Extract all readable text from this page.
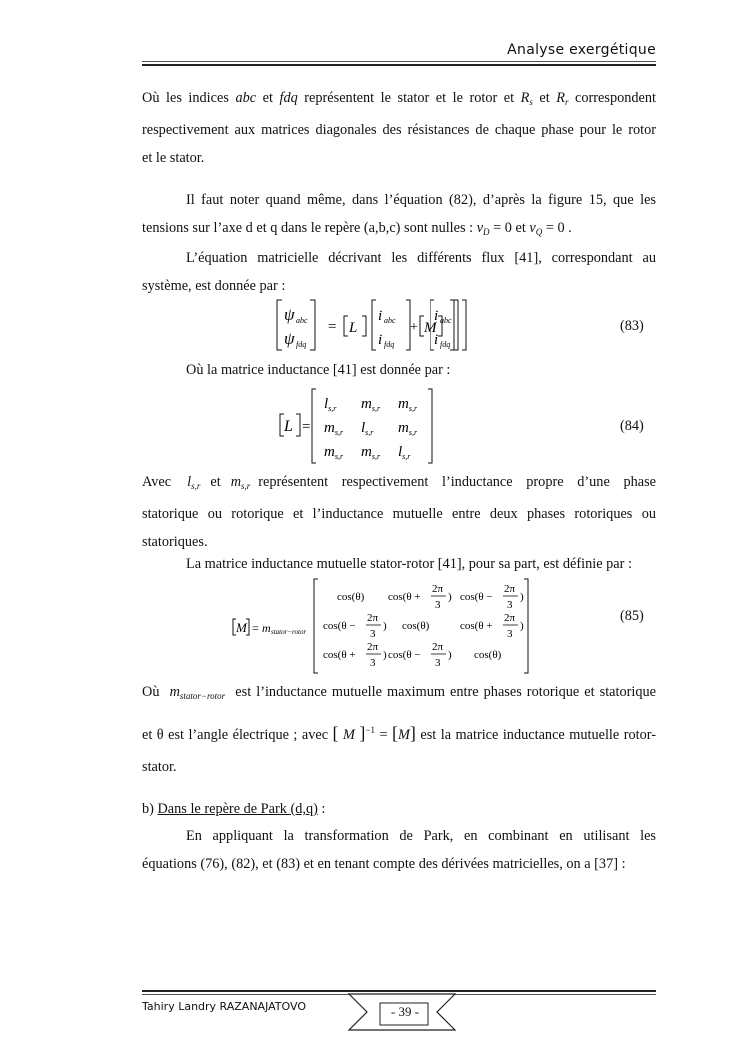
Analyse exergétique
Où les indices abc et fdq représentent le stator et le rotor et $R_s$ et $R_r$ correspondent
respectivement aux matrices diagonales des résistances de chaque phase pour le rotor
et le stator.
Il faut noter quand même, dans l’équation (82), d’après la figure 15, que les
tensions sur l’axe d et q dans le repère (a,b,c) sont nulles : $v_D = 0$ et $v_Q = 0$ .
L’équation matricielle décrivant les différents flux [41], correspondant au
système, est donnée par :
ψ abc
ψ fdq
= L
i abc
i fdq
+ M
i abc
i fdq
(83)
Où la matrice inductance [41] est donnée par :
L =
$l_{s,r}$ $m_{s,r}$ $m_{s,r}$
$m_{s,r}$ $l_{s,r}$ $m_{s,r}$
$m_{s,r}$ $m_{s,r}$ $l_{s,r}$
(84)
Avec $l_{s,r}$ et $m_{s,r}$ représentent respectivement l’inductance propre d’une phase
statorique ou rotorique et l’inductance mutuelle entre deux phases rotoriques ou
statoriques.
La matrice inductance mutuelle stator-rotor [41], pour sa part, est définie par :
M = m stator−rotor
cos(θ) cos(θ +
2π
3
) cos(θ −
2π
3
)
cos(θ −
2π
3
) cos(θ)	cos(θ +
2π
3
)
cos(θ +
2π
3
) cos(θ −
2π
3
) cos(θ)
(85)
Où $m_{stator-rotor}$ est l’inductance mutuelle maximum entre phases rotorique et statorique
et θ est l’angle électrique ; avec [ M ]$^{-1}$ = [M] est la matrice inductance mutuelle rotor-
stator.
b) Dans le repère de Park (d,q) :
En appliquant la transformation de Park, en combinant en utilisant les
équations (76), (82), et (83) et en tenant compte des dérivées matricielles, on a [37] :
Tahiry Landry RAZANAJATOVO	- 39 -
